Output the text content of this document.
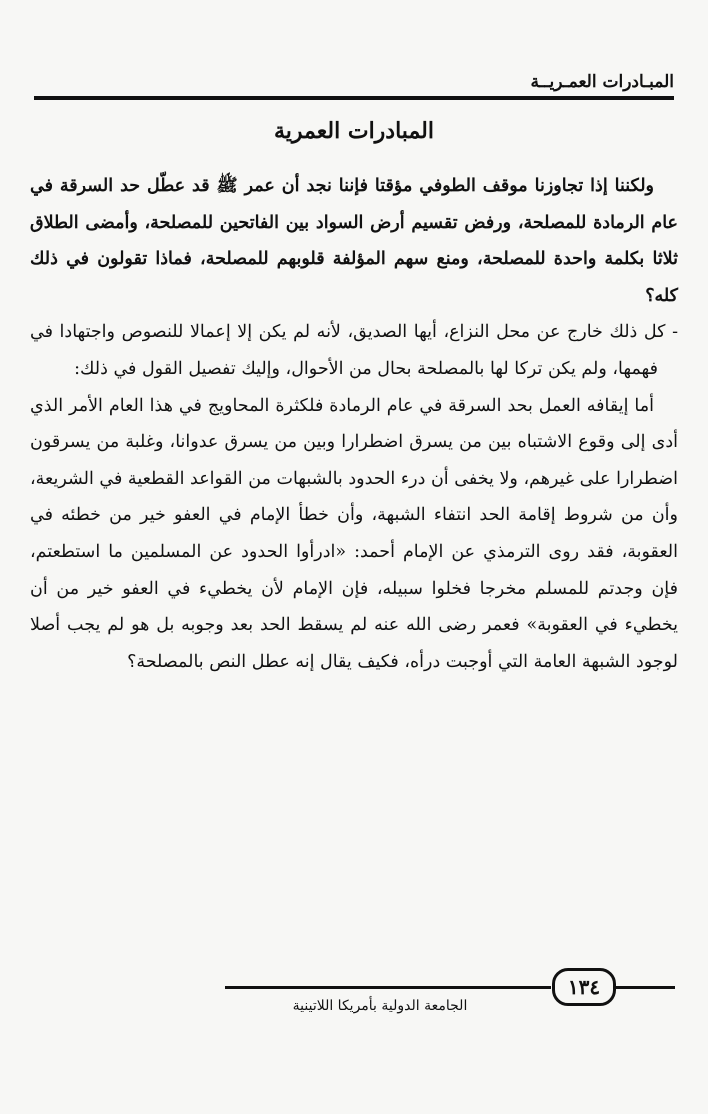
المبـادرات العمـريــة
المبادرات العمرية

ولكننا إذا تجاوزنا موقف الطوفي مؤقتا فإننا نجد أن عمر ﷺ قد عطّل حد السرقة في عام الرمادة للمصلحة، ورفض تقسيم أرض السواد بين الفاتحين للمصلحة، وأمضى الطلاق ثلاثا بكلمة واحدة للمصلحة، ومنع سهم المؤلفة قلوبهم للمصلحة، فماذا تقولون في ذلك كله؟

- كل ذلك خارج عن محل النزاع، أيها الصديق، لأنه لم يكن إلا إعمالا للنصوص واجتهادا في فهمها، ولم يكن تركا لها بالمصلحة بحال من الأحوال، وإليك تفصيل القول في ذلك:

أما إيقافه العمل بحد السرقة في عام الرمادة فلكثرة المحاويج في هذا العام الأمر الذي أدى إلى وقوع الاشتباه بين من يسرق اضطرارا وبين من يسرق عدوانا، وغلبة من يسرقون اضطرارا على غيرهم، ولا يخفى أن درء الحدود بالشبهات من القواعد القطعية في الشريعة، وأن من شروط إقامة الحد انتفاء الشبهة، وأن خطأ الإمام في العفو خير من خطئه في العقوبة، فقد روى الترمذي عن الإمام أحمد: «ادرأوا الحدود عن المسلمين ما استطعتم، فإن وجدتم للمسلم مخرجا فخلوا سبيله، فإن الإمام لأن يخطيء في العفو خير من أن يخطيء في العقوبة» فعمر رضى الله عنه لم يسقط الحد بعد وجوبه بل هو لم يجب أصلا لوجود الشبهة العامة التي أوجبت درأه، فكيف يقال إنه عطل النص بالمصلحة؟

١٣٤
الجامعة الدولية بأمريكا اللاتينية
